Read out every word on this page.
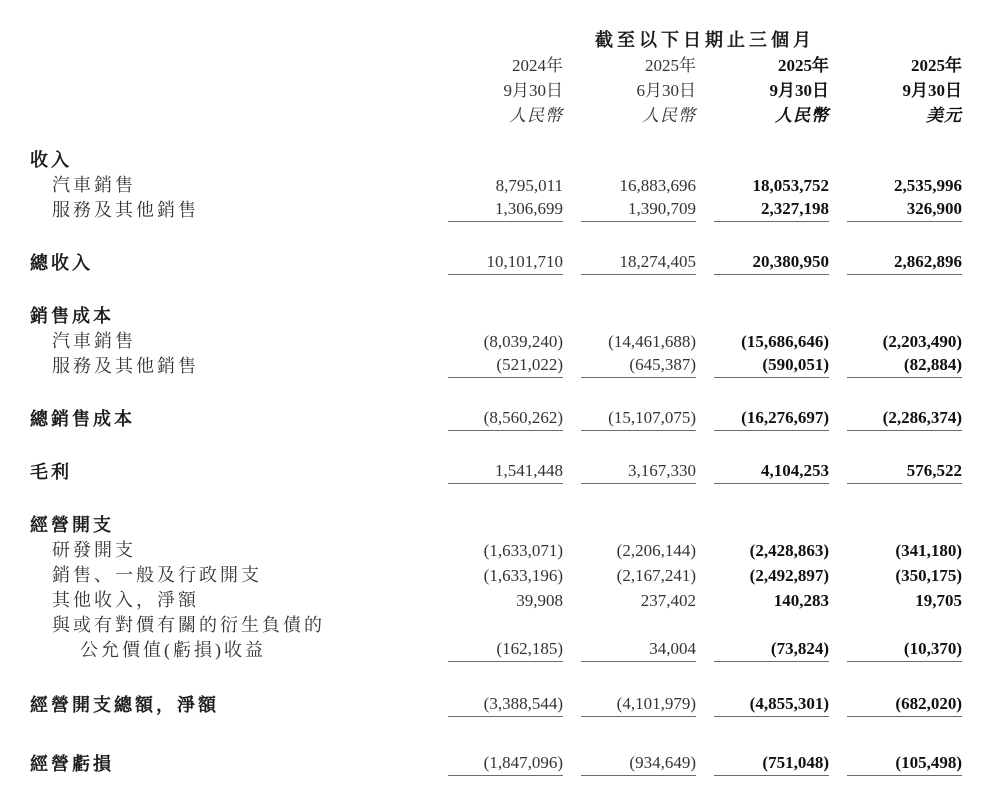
截至以下日期止三個月
2024年	2025年	2025年	2025年
9月30日	6月30日	9月30日	9月30日
人民幣	人民幣	人民幣	美元
收入
汽車銷售	8,795,011	16,883,696	18,053,752	2,535,996
服務及其他銷售	1,306,699	1,390,709	2,327,198	326,900
總收入	10,101,710	18,274,405	20,380,950	2,862,896
銷售成本
汽車銷售	(8,039,240)	(14,461,688)	(15,686,646)	(2,203,490)
服務及其他銷售	(521,022)	(645,387)	(590,051)	(82,884)
總銷售成本	(8,560,262)	(15,107,075)	(16,276,697)	(2,286,374)
毛利	1,541,448	3,167,330	4,104,253	576,522
經營開支
研發開支	(1,633,071)	(2,206,144)	(2,428,863)	(341,180)
銷售、一般及行政開支	(1,633,196)	(2,167,241)	(2,492,897)	(350,175)
其他收入，淨額	39,908	237,402	140,283	19,705
與或有對價有關的衍生負債的
公允價值(虧損)收益	(162,185)	34,004	(73,824)	(10,370)
經營開支總額，淨額	(3,388,544)	(4,101,979)	(4,855,301)	(682,020)
經營虧損	(1,847,096)	(934,649)	(751,048)	(105,498)
